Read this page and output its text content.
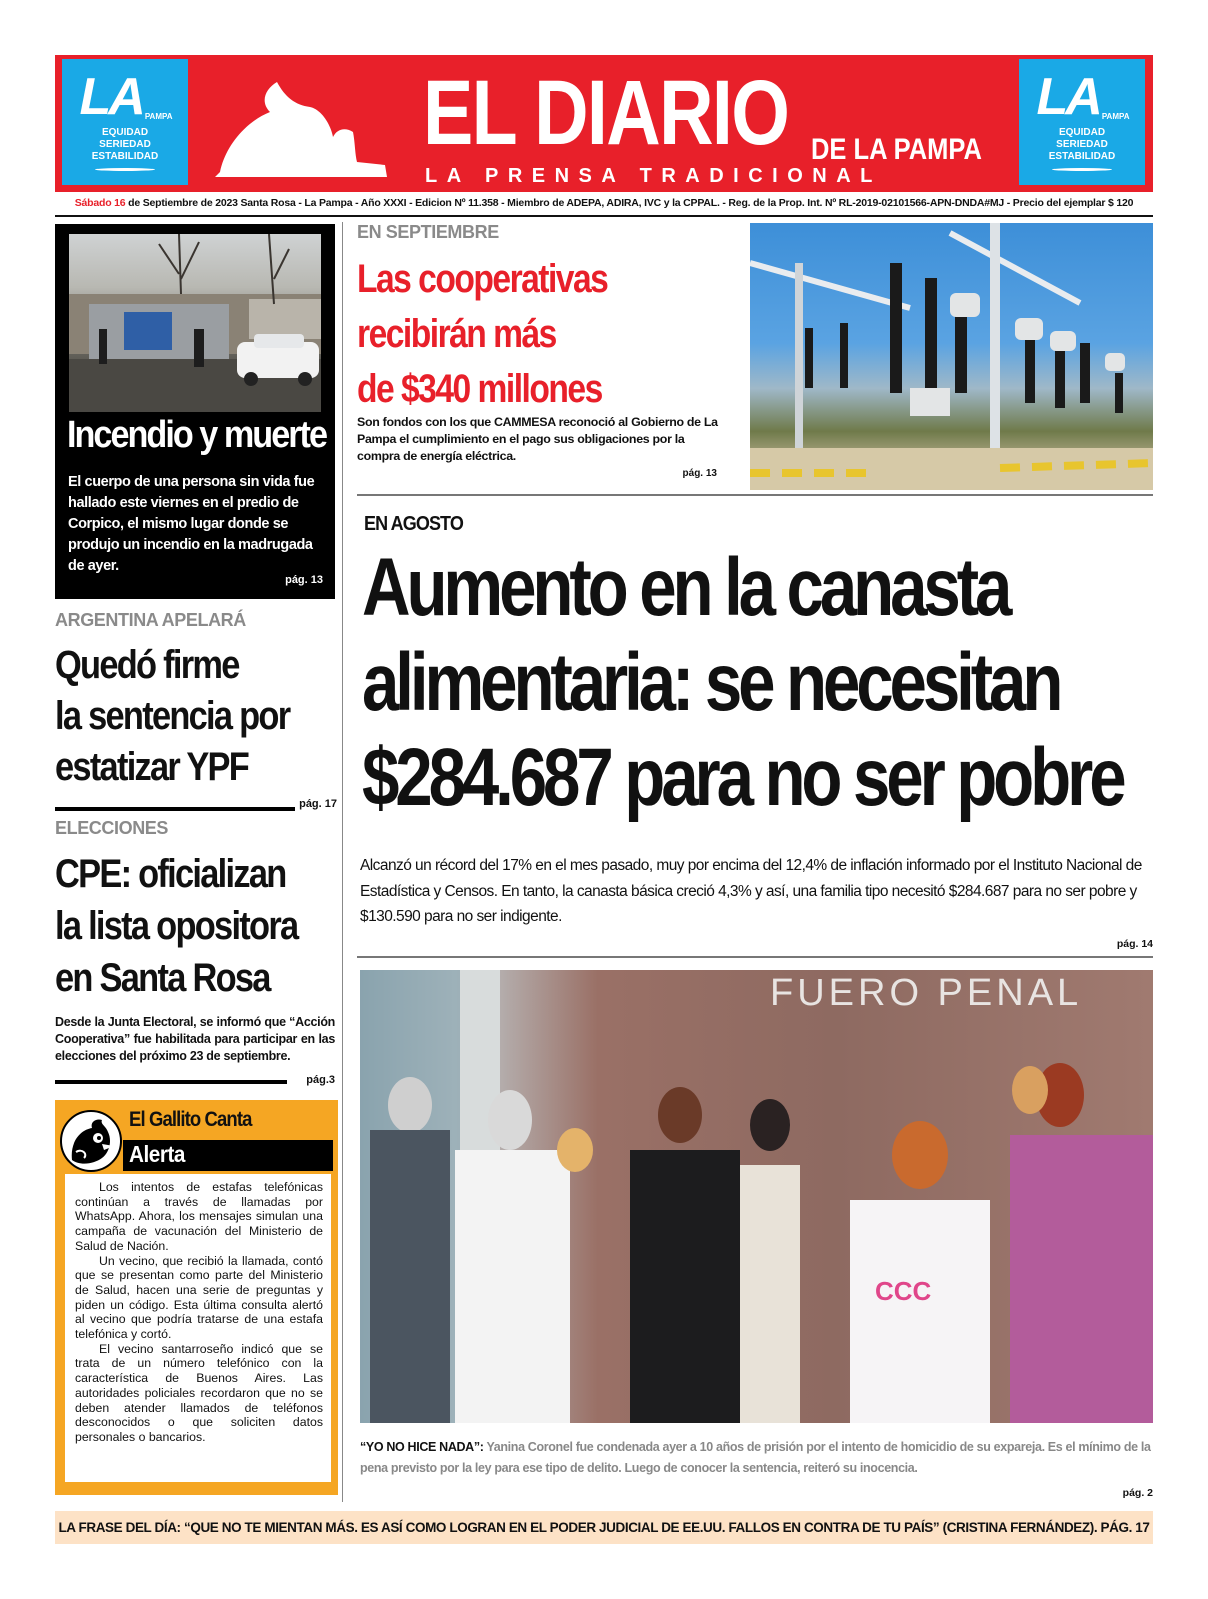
LA $^{PAMPA}$
EQUIDAD
SERIEDAD
ESTABILIDAD	EL DIARIO DE LA PAMPA
LA PRENSA TRADICIONAL
LA $^{PAMPA}$
EQUIDAD
SERIEDAD
ESTABILIDAD
Sábado 16 de Septiembre de 2023 Santa Rosa - La Pampa - Año XXXI - Edicion Nº 11.358 - Miembro de ADEPA, ADIRA, IVC y la CPPAL. - Reg. de la Prop. Int. Nº RL-2019-02101566-APN-DNDA#MJ - Precio del ejemplar $ 120
Incendio y muerte
El cuerpo de una persona sin vida fue hallado este viernes en el predio de Corpico, el mismo lugar donde se produjo un incendio en la madrugada de ayer.
pág. 13
ARGENTINA APELARÁ
Quedó firme
la sentencia por
estatizar YPF
pág. 17
ELECCIONES
CPE: oficializan
la lista opositora
en Santa Rosa
Desde la Junta Electoral, se informó que “Acción Cooperativa” fue habilitada para participar en las elecciones del próximo 23 de septiembre.
pág.3
El Gallito Canta
Alerta

Los intentos de estafas telefónicas continúan a través de llamadas por WhatsApp. Ahora, los mensajes simulan una campaña de vacunación del Ministerio de Salud de Nación.

Un vecino, que recibió la llamada, contó que se presentan como parte del Ministerio de Salud, hacen una serie de preguntas y piden un código. Esta última consulta alertó al vecino que podría tratarse de una estafa telefónica y cortó.

El vecino santarroseño indicó que se trata de un número telefónico con la característica de Buenos Aires. Las autoridades policiales recordaron que no se deben atender llamados de teléfonos desconocidos o que soliciten datos personales o bancarios.

EN SEPTIEMBRE
Las cooperativas
recibirán más
de $340 millones
Son fondos con los que CAMMESA reconoció al Gobierno de La Pampa el cumplimiento en el pago sus obligaciones por la compra de energía eléctrica.
pág. 13
EN AGOSTO
Aumento en la canasta
alimentaria: se necesitan
$284.687 para no ser pobre

Alcanzó un récord del 17% en el mes pasado, muy por encima del 12,4% de inflación informado por el Instituto Nacional de Estadística y Censos. En tanto, la canasta básica creció 4,3% y así, una familia tipo necesitó $284.687 para no ser pobre y $130.590 para no ser indigente.

pág. 14
FUERO PENAL
CCC
“YO NO HICE NADA”: Yanina Coronel fue condenada ayer a 10 años de prisión por el intento de homicidio de su expareja. Es el mínimo de la pena previsto por la ley para ese tipo de delito. Luego de conocer la sentencia, reiteró su inocencia.
pág. 2
LA FRASE DEL DÍA: “QUE NO TE MIENTAN MÁS. ES ASÍ COMO LOGRAN EN EL PODER JUDICIAL DE EE.UU. FALLOS EN CONTRA DE TU PAÍS” (CRISTINA FERNÁNDEZ). PÁG. 17
